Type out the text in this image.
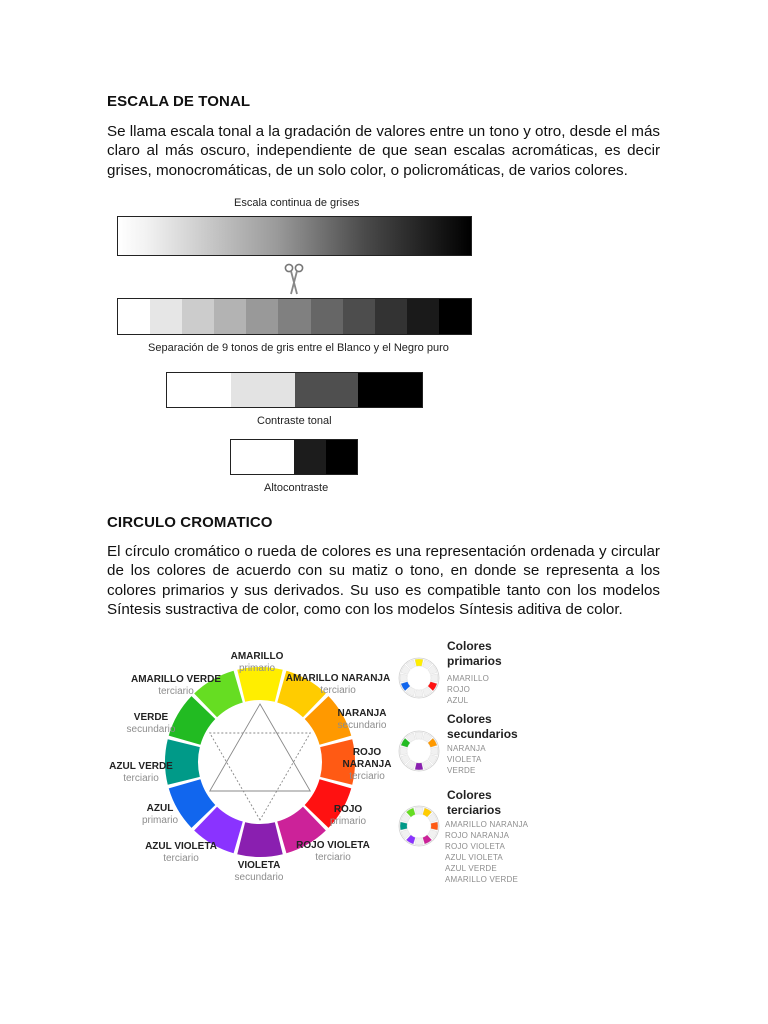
ESCALA DE TONAL

Se llama escala tonal a la gradación de valores entre un tono y otro, desde el más claro al más oscuro, independiente de que sean escalas acromáticas, es decir grises, monocromáticas, de un solo color, o policromáticas, de varios colores.

Escala continua de grises
Separación de 9 tonos de gris entre el Blanco y el Negro puro
Contraste tonal
Altocontraste
CIRCULO CROMATICO

El círculo cromático o rueda de colores es una representación ordenada y circular de los colores de acuerdo con su matiz o tono, en donde se representa a los colores primarios y sus derivados. Su uso es compatible tanto con los modelos Síntesis sustractiva de color, como con los modelos Síntesis aditiva de color.

AMARILLO
primario
AMARILLO NARANJA
terciario
NARANJA
secundario
ROJO
NARANJA
terciario
ROJO
primario
ROJO VIOLETA
terciario
VIOLETA
secundario
AZUL VIOLETA
terciario
AZUL
primario
AZUL VERDE
terciario
VERDE
secundario
AMARILLO VERDE
terciario
Colores
primarios
AMARILLO
ROJO
AZUL
Colores
secundarios
NARANJA
VIOLETA
VERDE
Colores
terciarios
AMARILLO NARANJA
ROJO NARANJA
ROJO VIOLETA
AZUL VIOLETA
AZUL VERDE
AMARILLO VERDE
